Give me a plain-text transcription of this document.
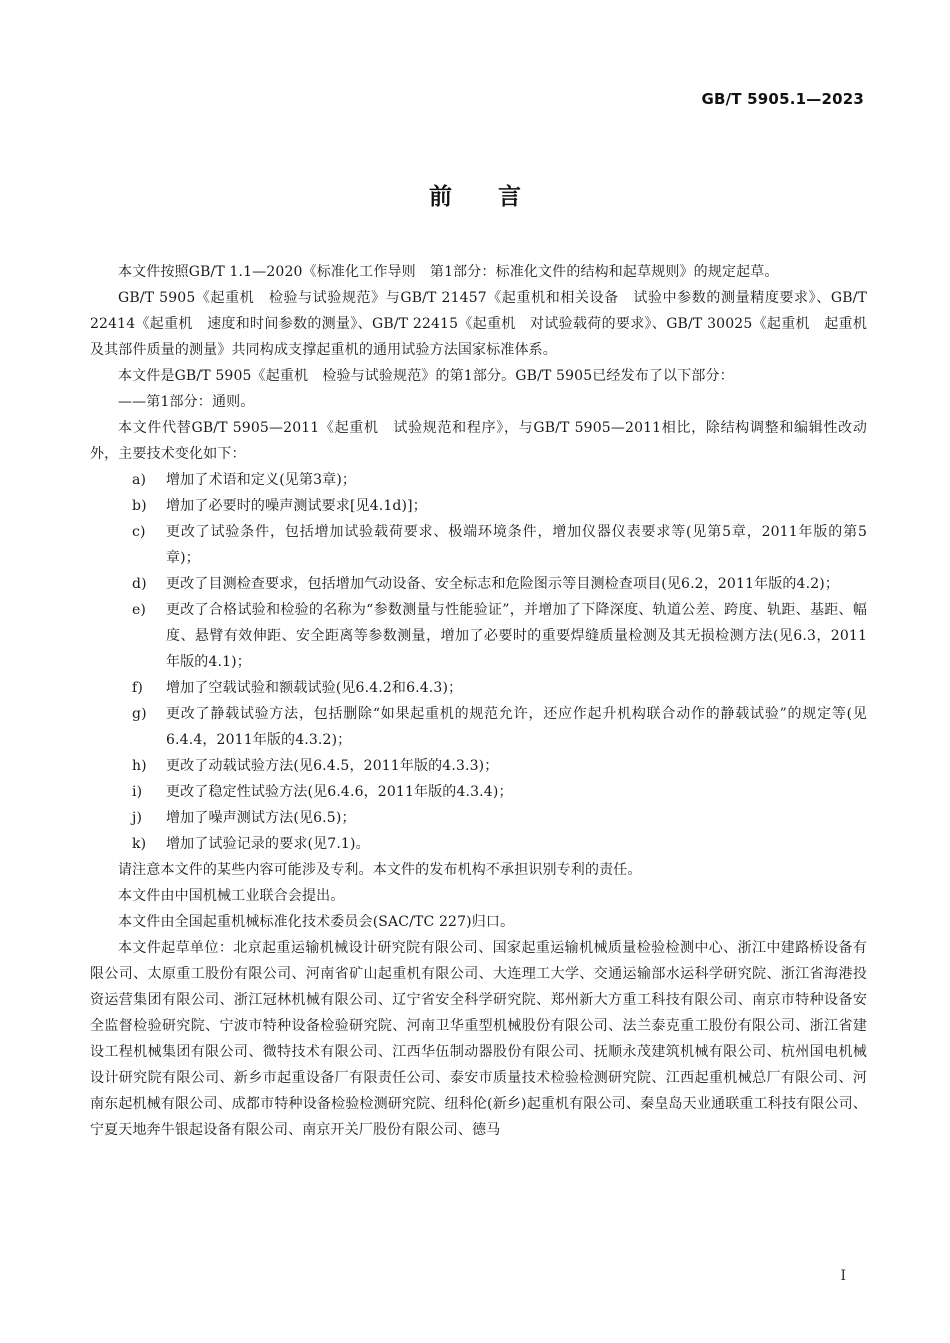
GB/T 5905.1—2023
前言

本文件按照GB/T 1.1—2020《标准化工作导则　第1部分：标准化文件的结构和起草规则》的规定起草。

GB/T 5905《起重机　检验与试验规范》与GB/T 21457《起重机和相关设备　试验中参数的测量精度要求》、GB/T 22414《起重机　速度和时间参数的测量》、GB/T 22415《起重机　对试验载荷的要求》、GB/T 30025《起重机　起重机及其部件质量的测量》共同构成支撑起重机的通用试验方法国家标准体系。

本文件是GB/T 5905《起重机　检验与试验规范》的第1部分。GB/T 5905已经发布了以下部分：

——第1部分：通则。

本文件代替GB/T 5905—2011《起重机　试验规范和程序》，与GB/T 5905—2011相比，除结构调整和编辑性改动外，主要技术变化如下：

a)	增加了术语和定义(见第3章)；
b)	增加了必要时的噪声测试要求[见4.1d)]；
c)	更改了试验条件，包括增加试验载荷要求、极端环境条件，增加仪器仪表要求等(见第5章，2011年版的第5章)；
d)	更改了目测检查要求，包括增加气动设备、安全标志和危险图示等目测检查项目(见6.2，2011年版的4.2)；
e)	更改了合格试验和检验的名称为“参数测量与性能验证”，并增加了下降深度、轨道公差、跨度、轨距、基距、幅度、悬臂有效伸距、安全距离等参数测量，增加了必要时的重要焊缝质量检测及其无损检测方法(见6.3，2011年版的4.1)；
f)	增加了空载试验和额载试验(见6.4.2和6.4.3)；
g)	更改了静载试验方法，包括删除“如果起重机的规范允许，还应作起升机构联合动作的静载试验”的规定等(见6.4.4，2011年版的4.3.2)；
h)	更改了动载试验方法(见6.4.5，2011年版的4.3.3)；
i)	更改了稳定性试验方法(见6.4.6，2011年版的4.3.4)；
j)	增加了噪声测试方法(见6.5)；
k)	增加了试验记录的要求(见7.1)。

请注意本文件的某些内容可能涉及专利。本文件的发布机构不承担识别专利的责任。

本文件由中国机械工业联合会提出。

本文件由全国起重机械标准化技术委员会(SAC/TC 227)归口。

本文件起草单位：北京起重运输机械设计研究院有限公司、国家起重运输机械质量检验检测中心、浙江中建路桥设备有限公司、太原重工股份有限公司、河南省矿山起重机有限公司、大连理工大学、交通运输部水运科学研究院、浙江省海港投资运营集团有限公司、浙江冠林机械有限公司、辽宁省安全科学研究院、郑州新大方重工科技有限公司、南京市特种设备安全监督检验研究院、宁波市特种设备检验研究院、河南卫华重型机械股份有限公司、法兰泰克重工股份有限公司、浙江省建设工程机械集团有限公司、微特技术有限公司、江西华伍制动器股份有限公司、抚顺永茂建筑机械有限公司、杭州国电机械设计研究院有限公司、新乡市起重设备厂有限责任公司、泰安市质量技术检验检测研究院、江西起重机械总厂有限公司、河南东起机械有限公司、成都市特种设备检验检测研究院、纽科伦(新乡)起重机有限公司、秦皇岛天业通联重工科技有限公司、宁夏天地奔牛银起设备有限公司、南京开关厂股份有限公司、德马

I
